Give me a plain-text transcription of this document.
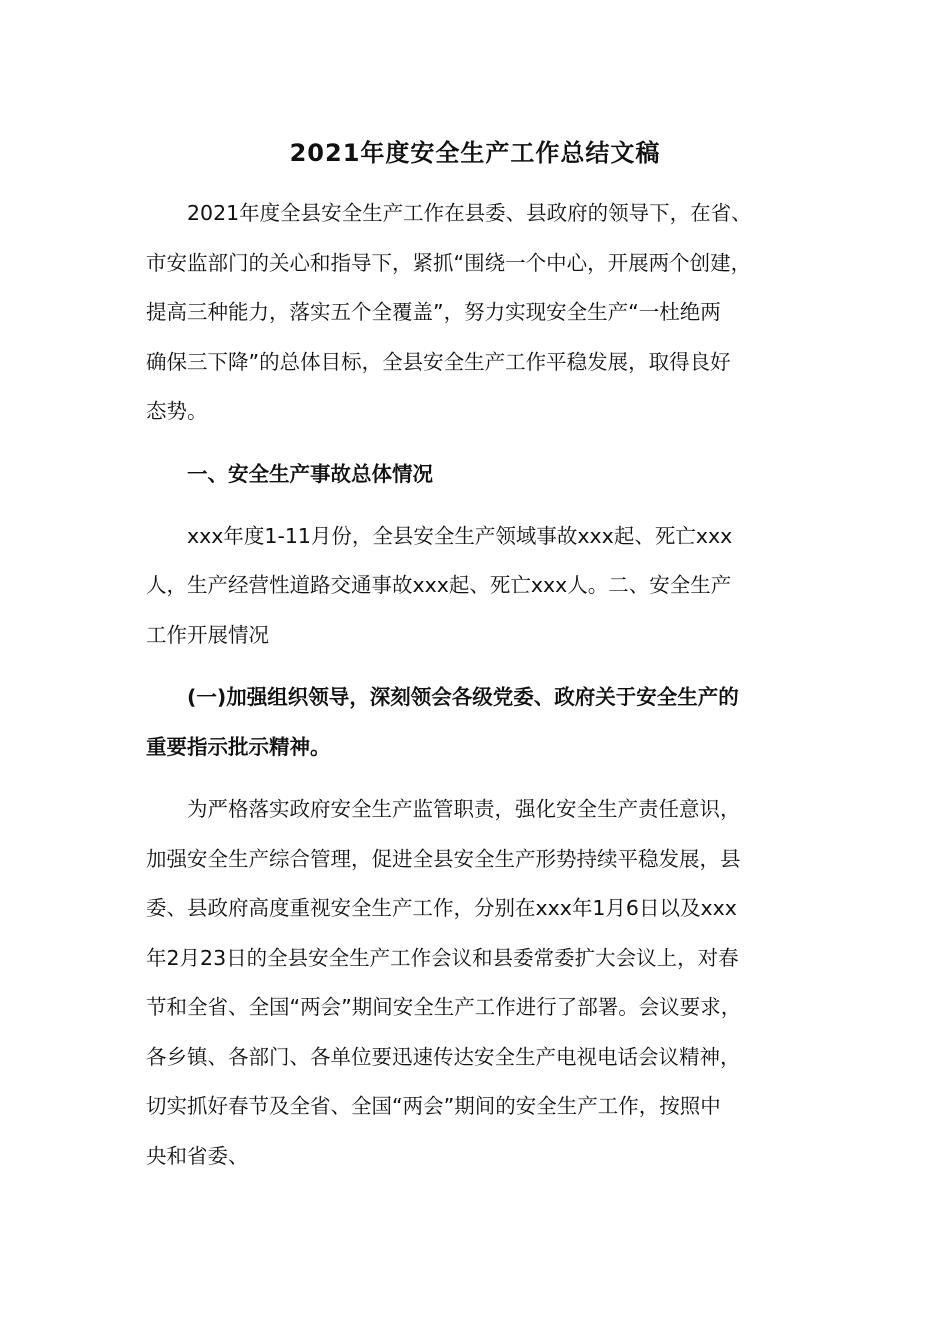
2021年度安全生产工作总结文稿
　　2021年度全县安全生产工作在县委、县政府的领导下，在省、
市安监部门的关心和指导下，紧抓“围绕一个中心，开展两个创建，
提高三种能力，落实五个全覆盖”，努力实现安全生产“一杜绝两
确保三下降”的总体目标，全县安全生产工作平稳发展，取得良好
态势。
　　一、安全生产事故总体情况
　　xxx年度1-11月份，全县安全生产领域事故xxx起、死亡xxx
人，生产经营性道路交通事故xxx起、死亡xxx人。二、安全生产
工作开展情况
　　(一)加强组织领导，深刻领会各级党委、政府关于安全生产的
重要指示批示精神。
　　为严格落实政府安全生产监管职责，强化安全生产责任意识，
加强安全生产综合管理，促进全县安全生产形势持续平稳发展，县
委、县政府高度重视安全生产工作，分别在xxx年1月6日以及xxx
年2月23日的全县安全生产工作会议和县委常委扩大会议上，对春
节和全省、全国“两会”期间安全生产工作进行了部署。会议要求，
各乡镇、各部门、各单位要迅速传达安全生产电视电话会议精神，
切实抓好春节及全省、全国“两会”期间的安全生产工作，按照中
央和省委、
